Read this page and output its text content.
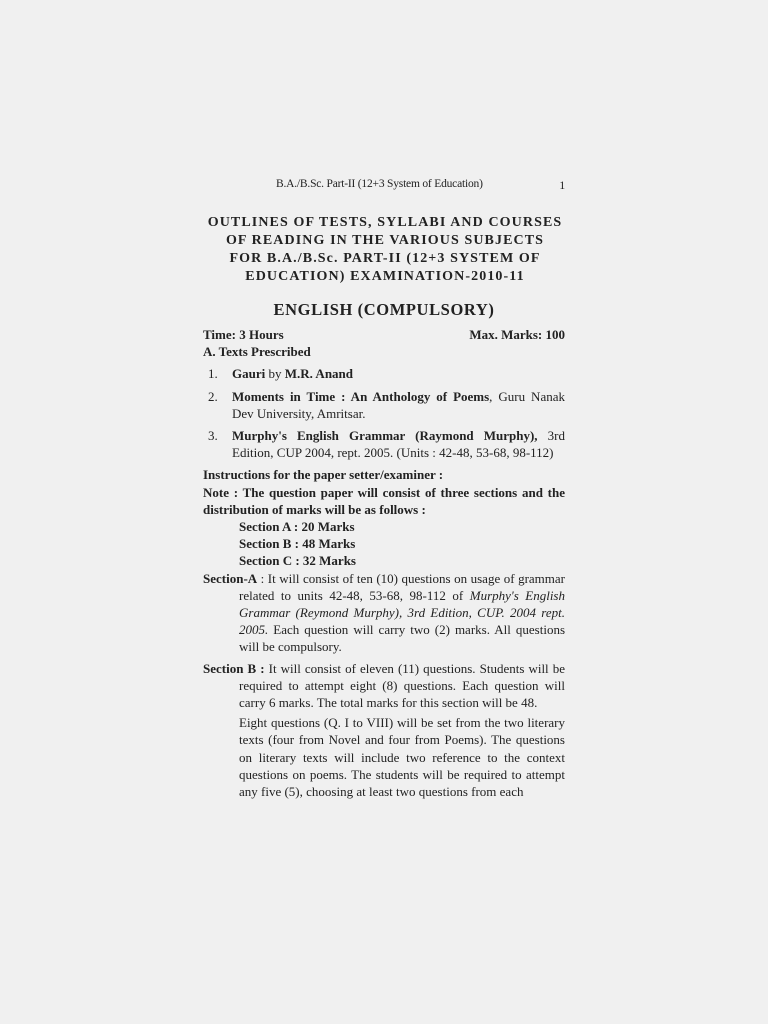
B.A./B.Sc. Part-II (12+3 System of Education)	1
OUTLINES OF TESTS, SYLLABI AND COURSES
OF READING IN THE VARIOUS SUBJECTS
FOR B.A./B.Sc. PART-II (12+3 SYSTEM OF
EDUCATION) EXAMINATION-2010-11
ENGLISH (COMPULSORY)
Time: 3 Hours	Max. Marks: 100
A. Texts Prescribed
1.	Gauri by M.R. Anand
2.	Moments in Time : An Anthology of Poems, Guru Nanak Dev University, Amritsar.
3.	Murphy's English Grammar (Raymond Murphy), 3rd Edition, CUP 2004, rept. 2005. (Units : 42-48, 53-68, 98-112)
Instructions for the paper setter/examiner :
Note : The question paper will consist of three sections and the distribution of marks will be as follows :
Section A : 20 Marks
Section B : 48 Marks
Section C : 32 Marks
Section-A : It will consist of ten (10) questions on usage of grammar related to units 42-48, 53-68, 98-112 of Murphy's English Grammar (Reymond Murphy), 3rd Edition, CUP. 2004 rept. 2005. Each question will carry two (2) marks. All questions will be compulsory.
Section B : It will consist of eleven (11) questions. Students will be required to attempt eight (8) questions. Each question will carry 6 marks. The total marks for this section will be 48.
Eight questions (Q. I to VIII) will be set from the two literary texts (four from Novel and four from Poems). The questions on literary texts will include two reference to the context questions on poems. The students will be required to attempt any five (5), choosing at least two questions from each
